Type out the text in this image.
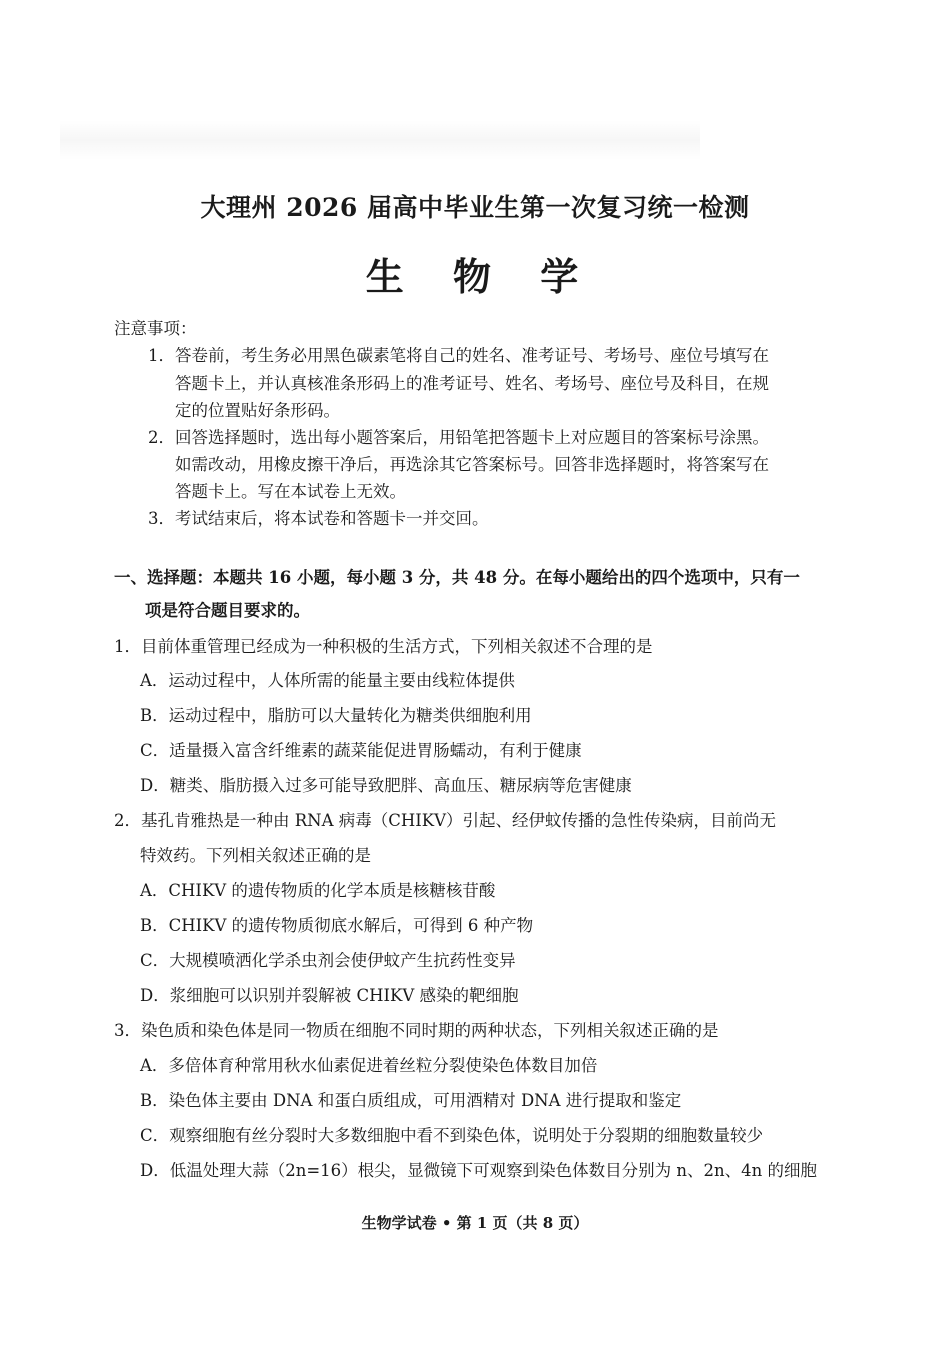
大理州 2026 届高中毕业生第一次复习统一检测
生 物 学
注意事项：
1．答卷前，考生务必用黑色碳素笔将自己的姓名、准考证号、考场号、座位号填写在
答题卡上，并认真核准条形码上的准考证号、姓名、考场号、座位号及科目，在规
定的位置贴好条形码。
2．回答选择题时，选出每小题答案后，用铅笔把答题卡上对应题目的答案标号涂黑。
如需改动，用橡皮擦干净后，再选涂其它答案标号。回答非选择题时，将答案写在
答题卡上。写在本试卷上无效。
3．考试结束后，将本试卷和答题卡一并交回。
一、选择题：本题共 16 小题，每小题 3 分，共 48 分。在每小题给出的四个选项中，只有一
项是符合题目要求的。
1．目前体重管理已经成为一种积极的生活方式，下列相关叙述不合理的是
A．运动过程中，人体所需的能量主要由线粒体提供
B．运动过程中，脂肪可以大量转化为糖类供细胞利用
C．适量摄入富含纤维素的蔬菜能促进胃肠蠕动，有利于健康
D．糖类、脂肪摄入过多可能导致肥胖、高血压、糖尿病等危害健康
2．基孔肯雅热是一种由 RNA 病毒（CHIKV）引起、经伊蚊传播的急性传染病，目前尚无
特效药。下列相关叙述正确的是
A．CHIKV 的遗传物质的化学本质是核糖核苷酸
B．CHIKV 的遗传物质彻底水解后，可得到 6 种产物
C．大规模喷洒化学杀虫剂会使伊蚊产生抗药性变异
D．浆细胞可以识别并裂解被 CHIKV 感染的靶细胞
3．染色质和染色体是同一物质在细胞不同时期的两种状态，下列相关叙述正确的是
A．多倍体育种常用秋水仙素促进着丝粒分裂使染色体数目加倍
B．染色体主要由 DNA 和蛋白质组成，可用酒精对 DNA 进行提取和鉴定
C．观察细胞有丝分裂时大多数细胞中看不到染色体，说明处于分裂期的细胞数量较少
D．低温处理大蒜（2n=16）根尖，显微镜下可观察到染色体数目分别为 n、2n、4n 的细胞
生物学试卷 • 第 1 页（共 8 页）
